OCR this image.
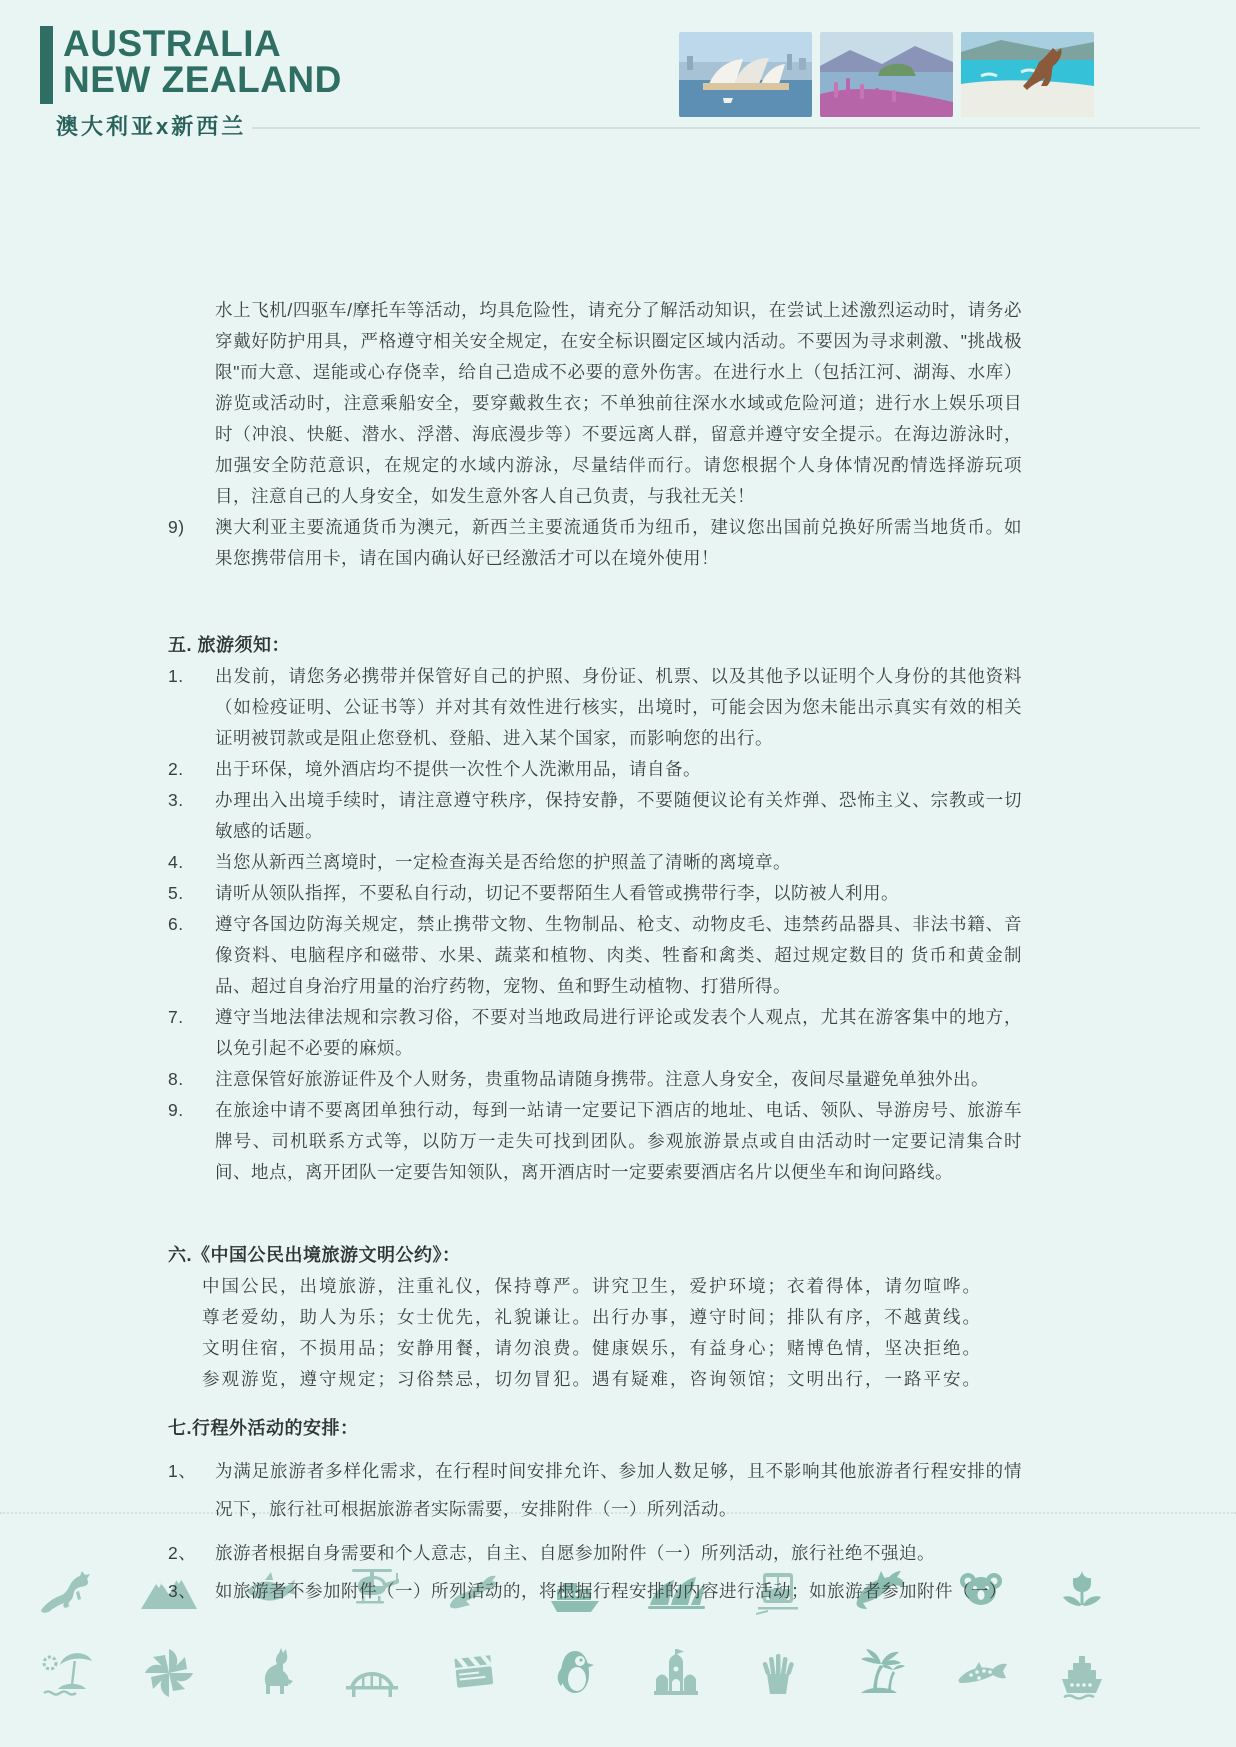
AUSTRALIA
NEW ZEALAND
澳大利亚x新西兰
水上飞机/四驱车/摩托车等活动，均具危险性，请充分了解活动知识，在尝试上述激烈运动时，请务必穿戴好防护用具，严格遵守相关安全规定，在安全标识圈定区域内活动。不要因为寻求刺激、"挑战极限"而大意、逞能或心存侥幸，给自己造成不必要的意外伤害。在进行水上（包括江河、湖海、水库）游览或活动时，注意乘船安全，要穿戴救生衣；不单独前往深水水域或危险河道；进行水上娱乐项目时（冲浪、快艇、潜水、浮潜、海底漫步等）不要远离人群，留意并遵守安全提示。在海边游泳时，加强安全防范意识，在规定的水域内游泳，尽量结伴而行。请您根据个人身体情况酌情选择游玩项目，注意自己的人身安全，如发生意外客人自己负责，与我社无关！
9)	澳大利亚主要流通货币为澳元，新西兰主要流通货币为纽币，建议您出国前兑换好所需当地货币。如果您携带信用卡，请在国内确认好已经激活才可以在境外使用！
五. 旅游须知：
1.	出发前，请您务必携带并保管好自己的护照、身份证、机票、以及其他予以证明个人身份的其他资料（如检疫证明、公证书等）并对其有效性进行核实，出境时，可能会因为您未能出示真实有效的相关证明被罚款或是阻止您登机、登船、进入某个国家，而影响您的出行。
2.	出于环保，境外酒店均不提供一次性个人洗漱用品，请自备。
3.	办理出入出境手续时，请注意遵守秩序，保持安静，不要随便议论有关炸弹、恐怖主义、宗教或一切敏感的话题。
4.	当您从新西兰离境时，一定检查海关是否给您的护照盖了清晰的离境章。
5.	请听从领队指挥，不要私自行动，切记不要帮陌生人看管或携带行李，以防被人利用。
6.	遵守各国边防海关规定，禁止携带文物、生物制品、枪支、动物皮毛、违禁药品器具、非法书籍、音像资料、电脑程序和磁带、水果、蔬菜和植物、肉类、牲畜和禽类、超过规定数目的 货币和黄金制品、超过自身治疗用量的治疗药物，宠物、鱼和野生动植物、打猎所得。
7.	遵守当地法律法规和宗教习俗，不要对当地政局进行评论或发表个人观点，尤其在游客集中的地方，以免引起不必要的麻烦。
8.	注意保管好旅游证件及个人财务，贵重物品请随身携带。注意人身安全，夜间尽量避免单独外出。
9.	在旅途中请不要离团单独行动，每到一站请一定要记下酒店的地址、电话、领队、导游房号、旅游车牌号、司机联系方式等，以防万一走失可找到团队。参观旅游景点或自由活动时一定要记清集合时间、地点，离开团队一定要告知领队，离开酒店时一定要索要酒店名片以便坐车和询问路线。
六.《中国公民出境旅游文明公约》：
中国公民，出境旅游，注重礼仪，保持尊严。讲究卫生，爱护环境；衣着得体，请勿喧哗。
尊老爱幼，助人为乐；女士优先，礼貌谦让。出行办事，遵守时间；排队有序，不越黄线。
文明住宿，不损用品；安静用餐，请勿浪费。健康娱乐，有益身心；赌博色情，坚决拒绝。
参观游览，遵守规定；习俗禁忌，切勿冒犯。遇有疑难，咨询领馆；文明出行，一路平安。
七.行程外活动的安排：
1、	为满足旅游者多样化需求，在行程时间安排允许、参加人数足够，且不影响其他旅游者行程安排的情况下，旅行社可根据旅游者实际需要，安排附件（一）所列活动。
2、	旅游者根据自身需要和个人意志，自主、自愿参加附件（一）所列活动，旅行社绝不强迫。
3、	如旅游者不参加附件（一）所列活动的，将根据行程安排的内容进行活动；如旅游者参加附件（一）
